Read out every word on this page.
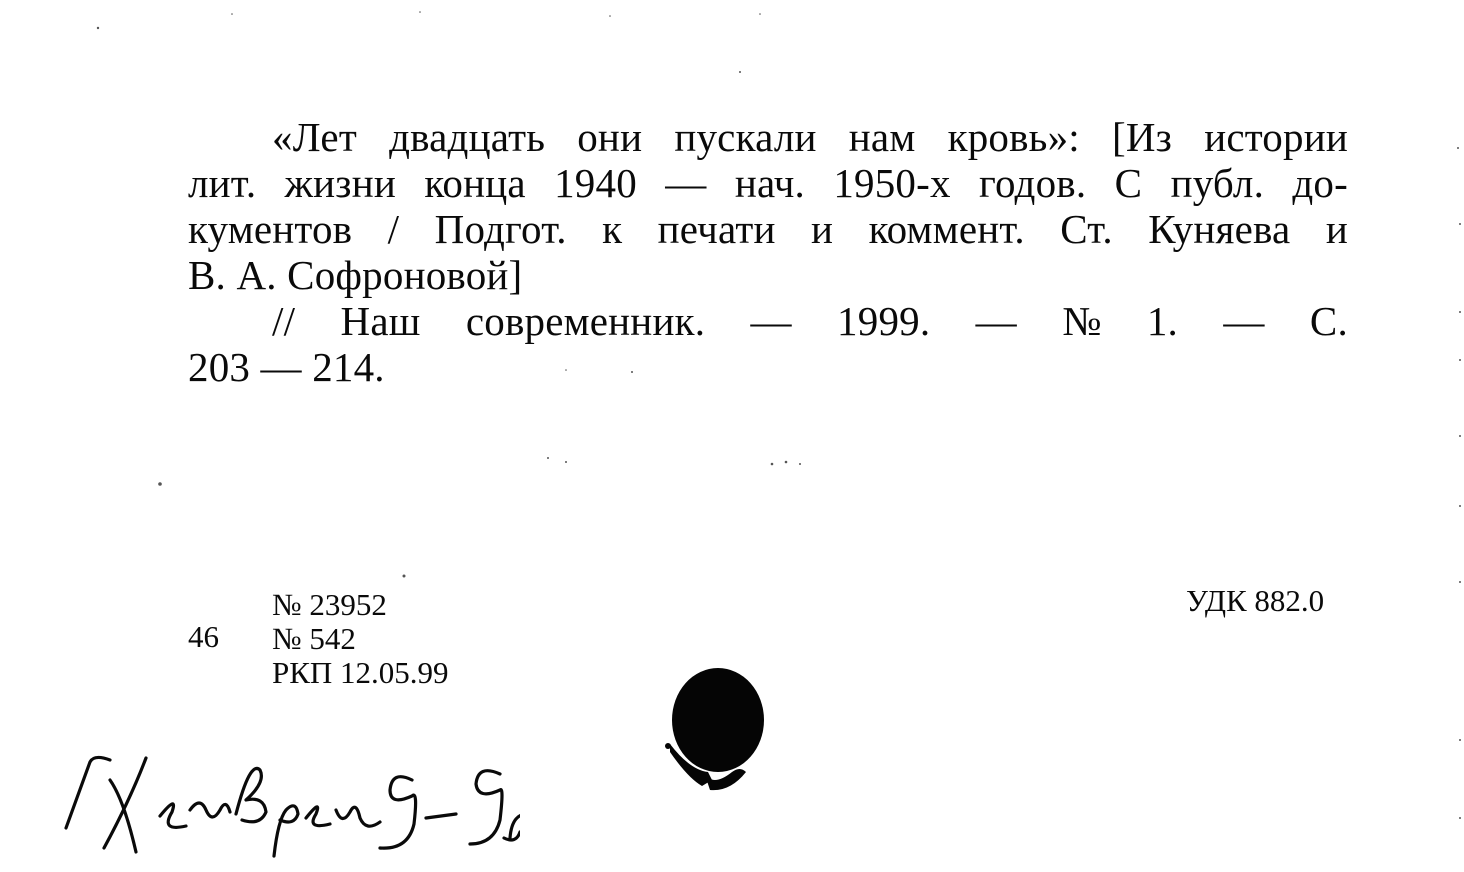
«Лет двадцать они пускали нам кровь»: [Из истории
лит. жизни конца 1940 — нач. 1950-х годов. С публ. до-
кументов / Подгот. к печати и коммент. Ст. Куняева и
В. А. Софроновой]
// Наш современник. — 1999. — № 1. — С.
203 — 214.
№ 23952
№ 542
РКП 12.05.99
46
УДК 882.0
